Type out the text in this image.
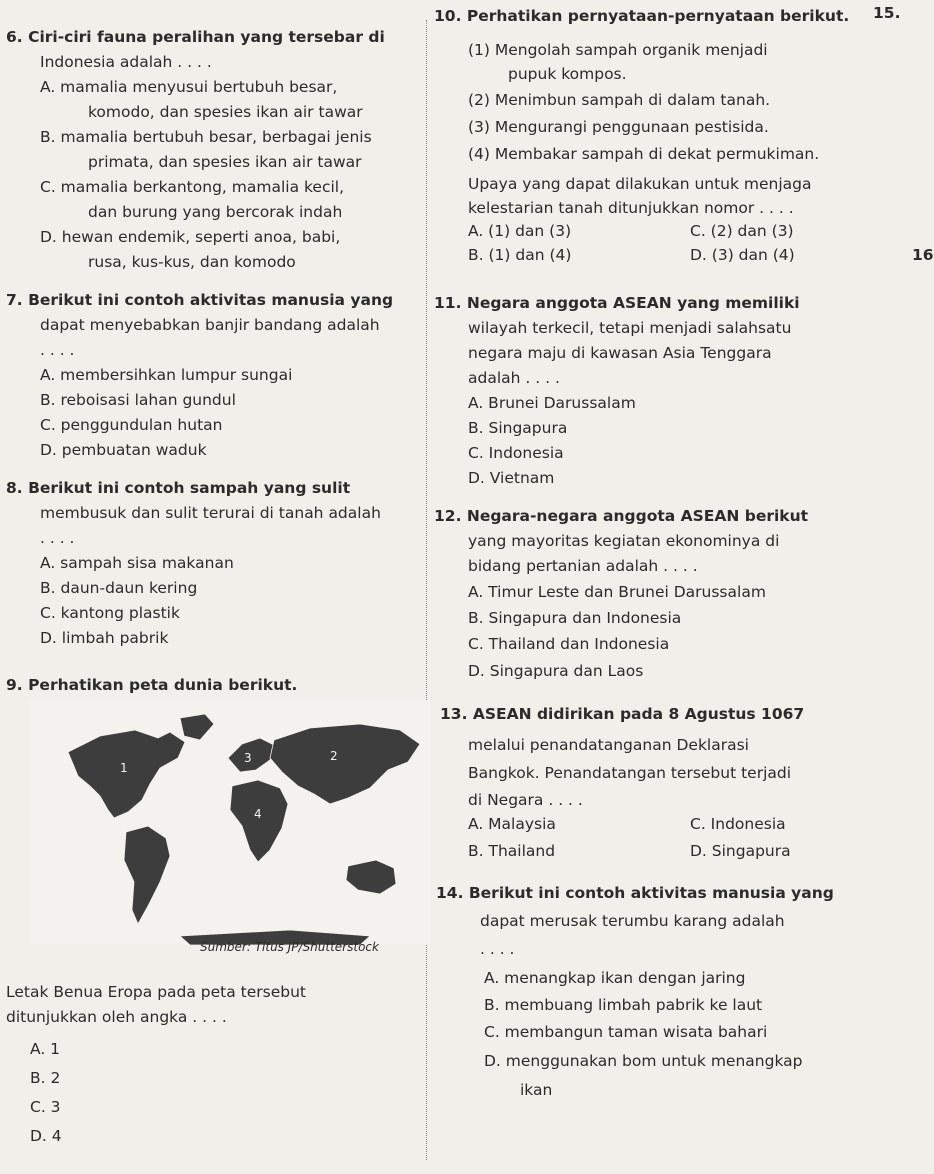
15.
16
6. Ciri-ciri fauna peralihan yang tersebar di
Indonesia adalah . . . .
A. mamalia menyusui bertubuh besar,
komodo, dan spesies ikan air tawar
B. mamalia bertubuh besar, berbagai jenis
primata, dan spesies ikan air tawar
C. mamalia berkantong, mamalia kecil,
dan burung yang bercorak indah
D. hewan endemik, seperti anoa, babi,
rusa, kus-kus, dan komodo
7. Berikut ini contoh aktivitas manusia yang
dapat menyebabkan banjir bandang adalah
. . . .
A. membersihkan lumpur sungai
B. reboisasi lahan gundul
C. penggundulan hutan
D. pembuatan waduk
8. Berikut ini contoh sampah yang sulit
membusuk dan sulit terurai di tanah adalah
. . . .
A. sampah sisa makanan
B. daun-daun kering
C. kantong plastik
D. limbah pabrik
9. Perhatikan peta dunia berikut.
1
2
3
4
Sumber: Titus JP/Shutterstock
Letak Benua Eropa pada peta tersebut
ditunjukkan oleh angka . . . .
A. 1
B. 2
C. 3
D. 4
10. Perhatikan pernyataan-pernyataan berikut.
(1) Mengolah sampah organik menjadi
pupuk kompos.
(2) Menimbun sampah di dalam tanah.
(3) Mengurangi penggunaan pestisida.
(4) Membakar sampah di dekat permukiman.
Upaya yang dapat dilakukan untuk menjaga
kelestarian tanah ditunjukkan nomor . . . .
A. (1) dan (3)
B. (1) dan (4)
C. (2) dan (3)
D. (3) dan (4)
11. Negara anggota ASEAN yang memiliki
wilayah terkecil, tetapi menjadi salahsatu
negara maju di kawasan Asia Tenggara
adalah . . . .
A. Brunei Darussalam
B. Singapura
C. Indonesia
D. Vietnam
12. Negara-negara anggota ASEAN berikut
yang mayoritas kegiatan ekonominya di
bidang pertanian adalah . . . .
A. Timur Leste dan Brunei Darussalam
B. Singapura dan Indonesia
C. Thailand dan Indonesia
D. Singapura dan Laos
13. ASEAN didirikan pada 8 Agustus 1067
melalui penandatanganan Deklarasi
Bangkok. Penandatangan tersebut terjadi
di Negara . . . .
A. Malaysia
B. Thailand
C. Indonesia
D. Singapura
14. Berikut ini contoh aktivitas manusia yang
dapat merusak terumbu karang adalah
. . . .
A. menangkap ikan dengan jaring
B. membuang limbah pabrik ke laut
C. membangun taman wisata bahari
D. menggunakan bom untuk menangkap
ikan
